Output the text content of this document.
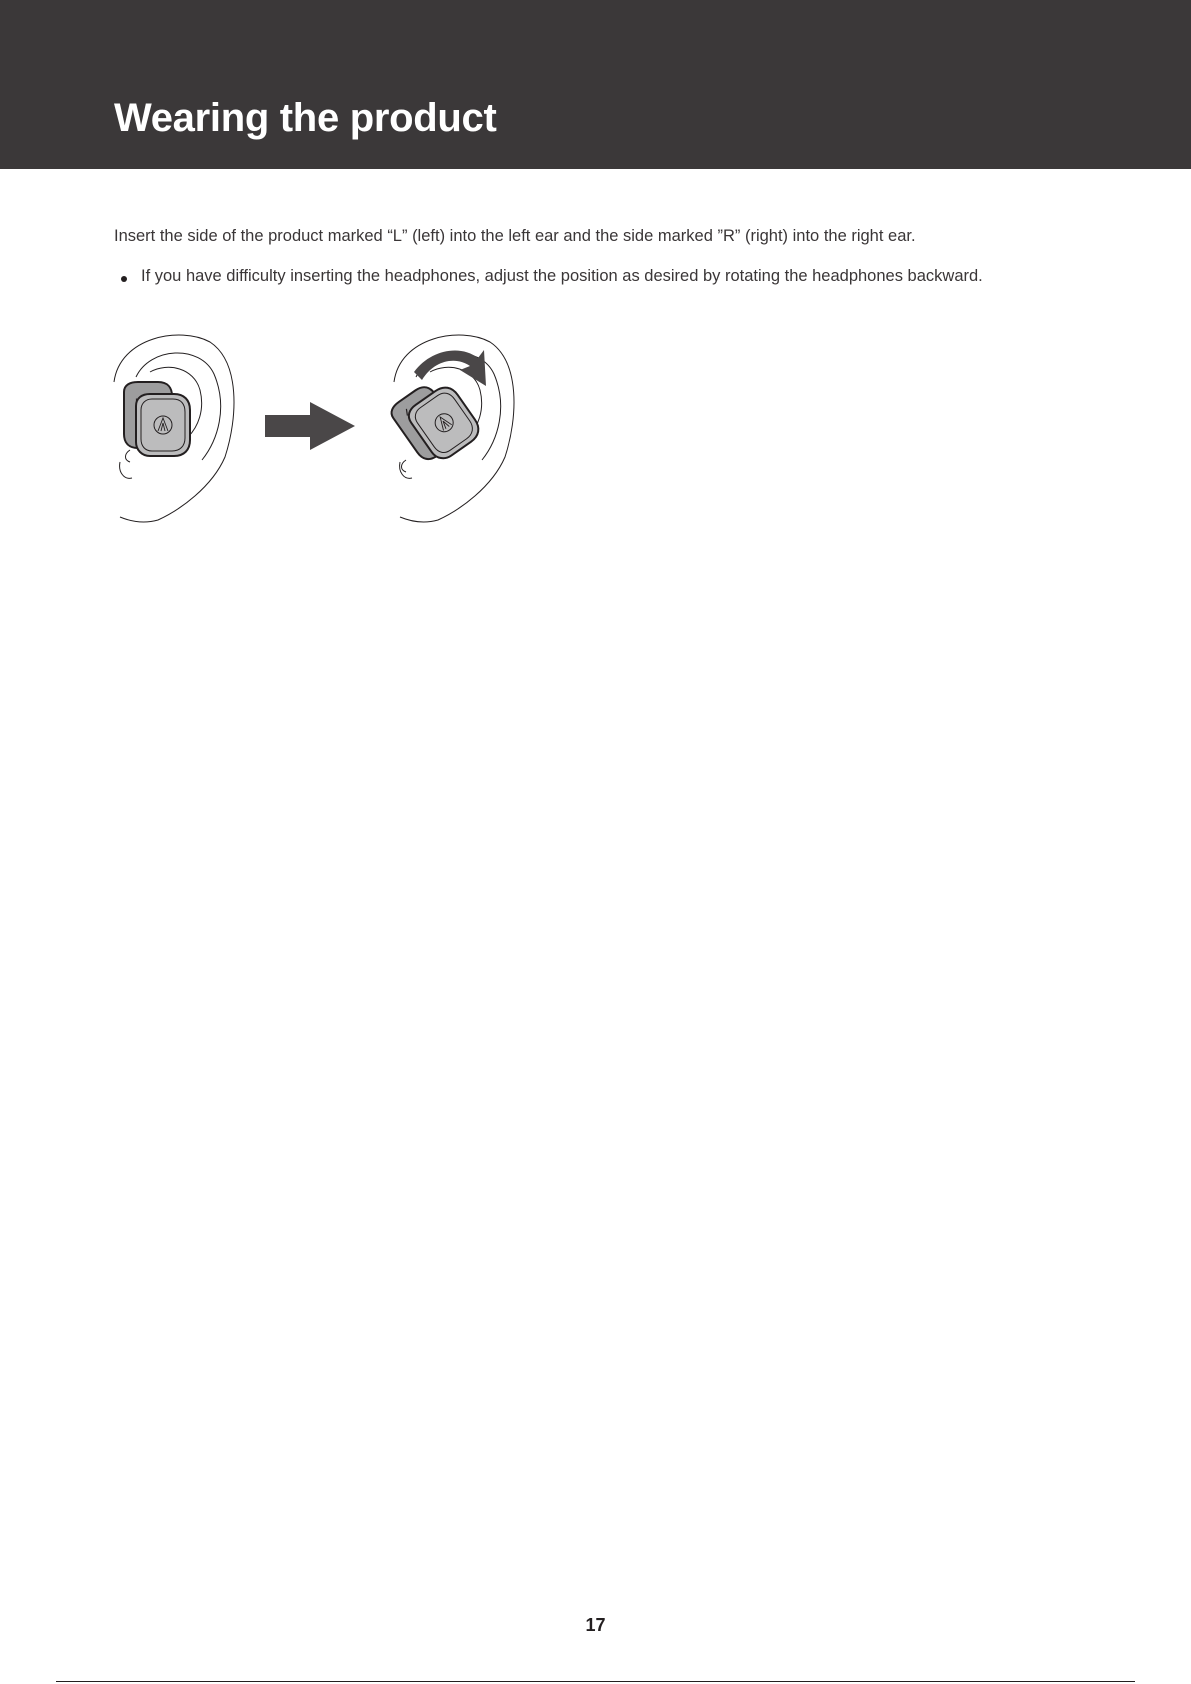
Wearing the product

Insert the side of the product marked “L” (left) into the left ear and the side marked ”R” (right) into the right ear.

If you have difficulty inserting the headphones, adjust the position as desired by rotating the headphones backward.
17
